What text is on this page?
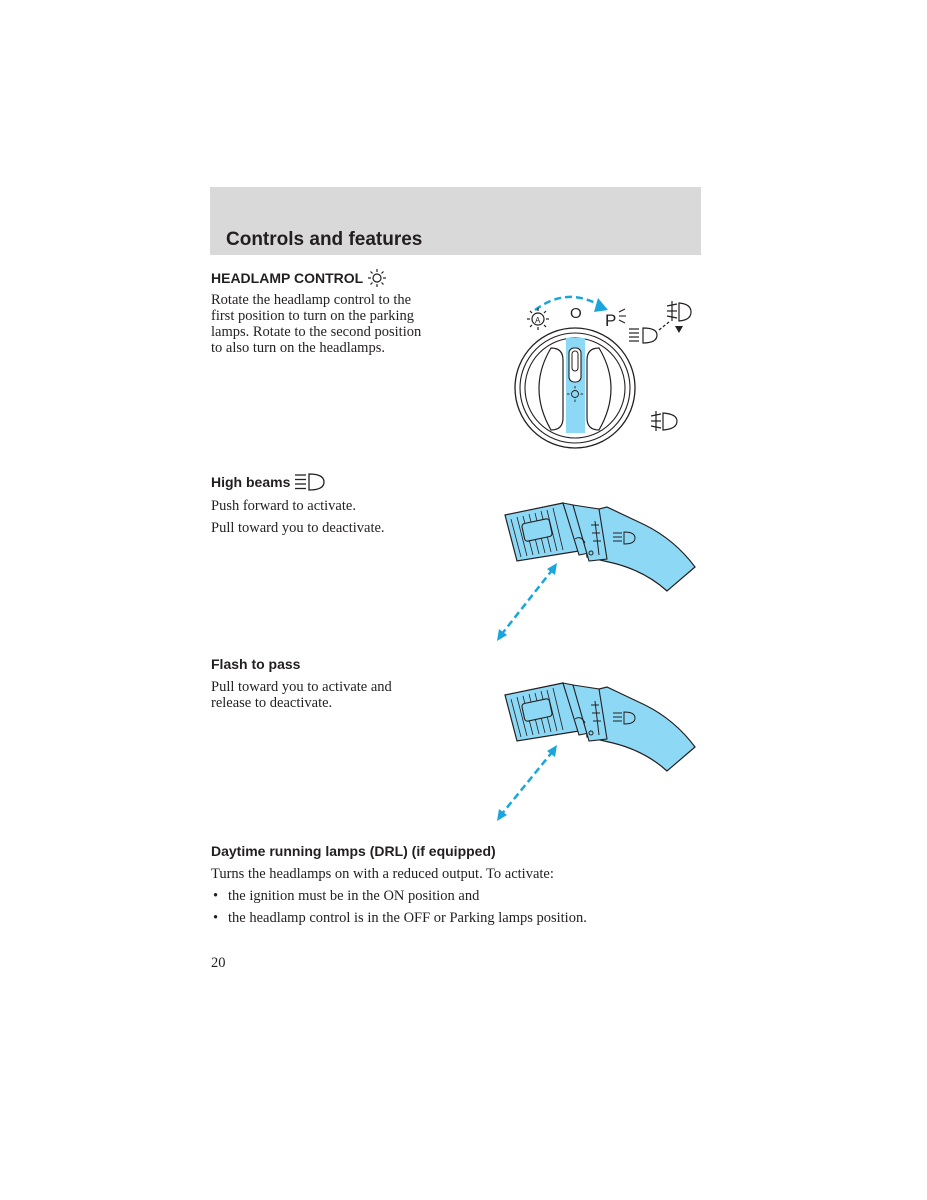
Controls and features
HEADLAMP CONTROL
Rotate the headlamp control to the
first position to turn on the parking
lamps. Rotate to the second position
to also turn on the headlamps.
A O P
High beams
Push forward to activate.
Pull toward you to deactivate.
Flash to pass
Pull toward you to activate and
release to deactivate.
Daytime running lamps (DRL) (if equipped)
Turns the headlamps on with a reduced output. To activate:
• the ignition must be in the ON position and
• the headlamp control is in the OFF or Parking lamps position.
20
